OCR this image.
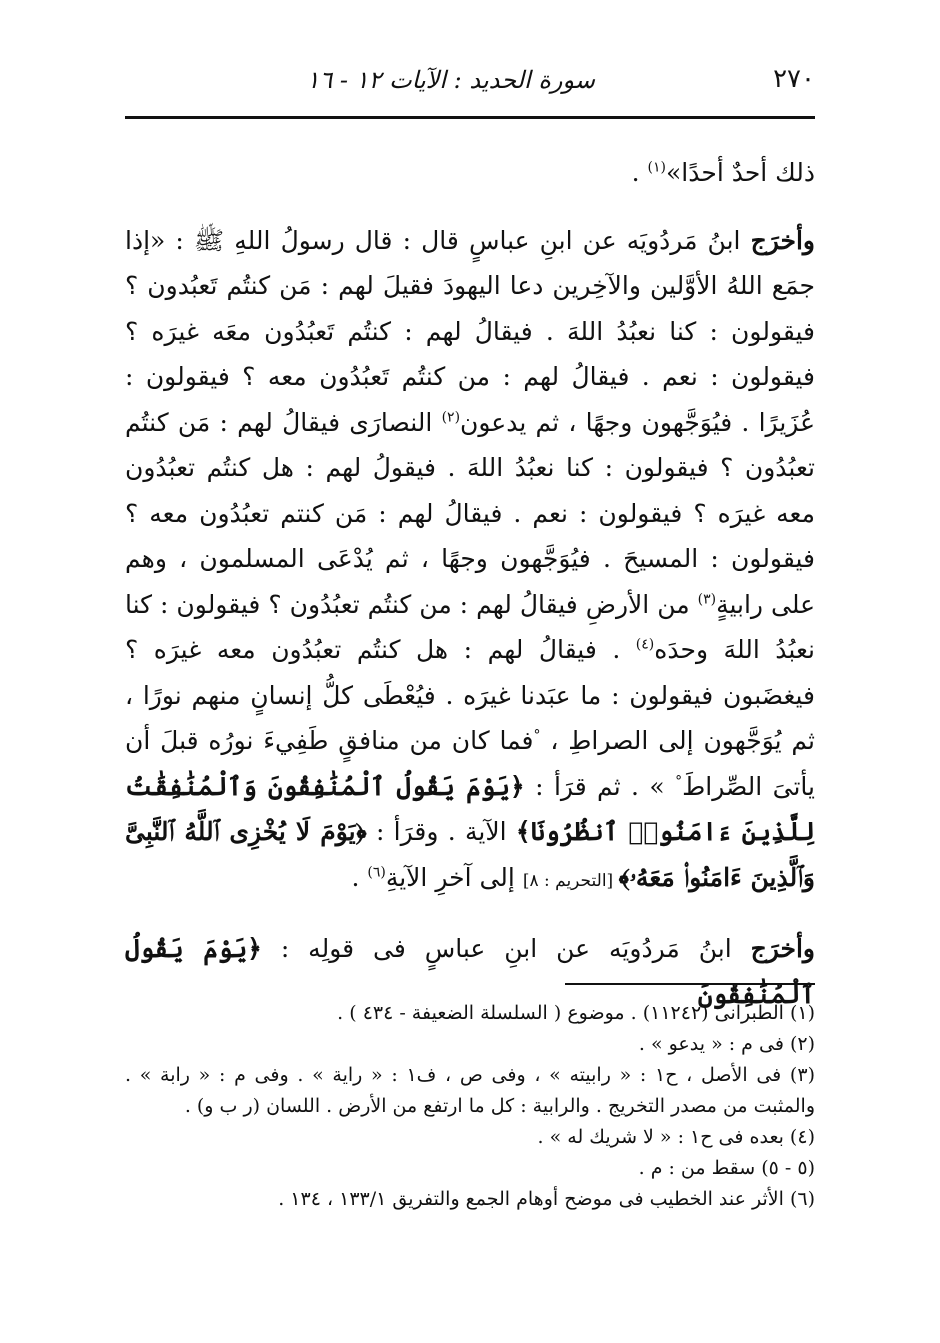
٢٧٠
سورة الحديد : الآيات ١٢ - ١٦

ذلك أحدٌ أحدًا»$^{(١)}$ .

وأخرَج ابنُ مَردُويَه عن ابنِ عباسٍ قال : قال رسولُ اللهِ ﷺ : «إذا جمَع اللهُ الأوَّلين والآخِرين دعا اليهودَ فقيلَ لهم : مَن كنتُم تَعبُدون ؟ فيقولون : كنا نعبُدُ اللهَ . فيقالُ لهم : كنتُم تَعبُدُون معَه غيرَه ؟ فيقولون : نعم . فيقالُ لهم : من كنتُم تَعبُدُون معه ؟ فيقولون : عُزَيرًا . فيُوَجَّهون وجهًا ، ثم يدعون$^{(٢)}$ النصارَى فيقالُ لهم : مَن كنتُم تعبُدُون ؟ فيقولون : كنا نعبُدُ اللهَ . فيقولُ لهم : هل كنتُم تعبُدُون معه غيرَه ؟ فيقولون : نعم . فيقالُ لهم : مَن كنتم تعبُدُون معه ؟ فيقولون : المسيحَ . فيُوَجَّهون وجهًا ، ثم يُدْعَى المسلمون ، وهم على رابيةٍ$^{(٣)}$ من الأرضِ فيقالُ لهم : من كنتُم تعبُدُون ؟ فيقولون : كنا نعبُدُ اللهَ وحدَه$^{(٤)}$ . فيقالُ لهم : هل كنتُم تعبُدُون معه غيرَه ؟ فيغضَبون فيقولون : ما عبَدنا غيرَه . فيُعْطَى كلُّ إنسانٍ منهم نورًا ، ثم يُوَجَّهون إلى الصراطِ ، °فما كان من منافقٍ طَفِيءَ نورُه قبلَ أن يأتىَ الصِّراطَ° » . ثم قرَأ : ﴿يَوْمَ يَقُولُ ٱلْمُنَٰفِقُونَ وَٱلْمُنَٰفِقَٰتُ لِلَّذِينَ ءَامَنُوا۟ ٱنظُرُونَا﴾ الآية . وقرَأ : ﴿يَوْمَ لَا يُخْزِى ٱللَّهُ ٱلنَّبِىَّ وَٱلَّذِينَ ءَامَنُوا۟ مَعَهُۥ﴾ [التحريم : ٨] إلى آخرِ الآيةِ$^{(٦)}$ .

وأخرَج ابنُ مَردُويَه عن ابنِ عباسٍ فى قولِه : ﴿يَوْمَ يَقُولُ ٱلْمُنَٰفِقُونَ

(١) الطبرانى (١١٢٤٢) . موضوع ( السلسلة الضعيفة - ٤٣٤ ) .

(٢) فى م : « يدعو » .

(٣) فى الأصل ، ح١ : « رابيته » ، وفى ص ، ف١ : « راية » . وفى م : « رابة » . والمثبت من مصدر التخريج . والرابية : كل ما ارتفع من الأرض . اللسان (ر ب و) .

(٤) بعده فى ح١ : « لا شريك له » .

(٥ - ٥) سقط من : م .

(٦) الأثر عند الخطيب فى موضح أوهام الجمع والتفريق ١٣٣/١ ، ١٣٤ .
